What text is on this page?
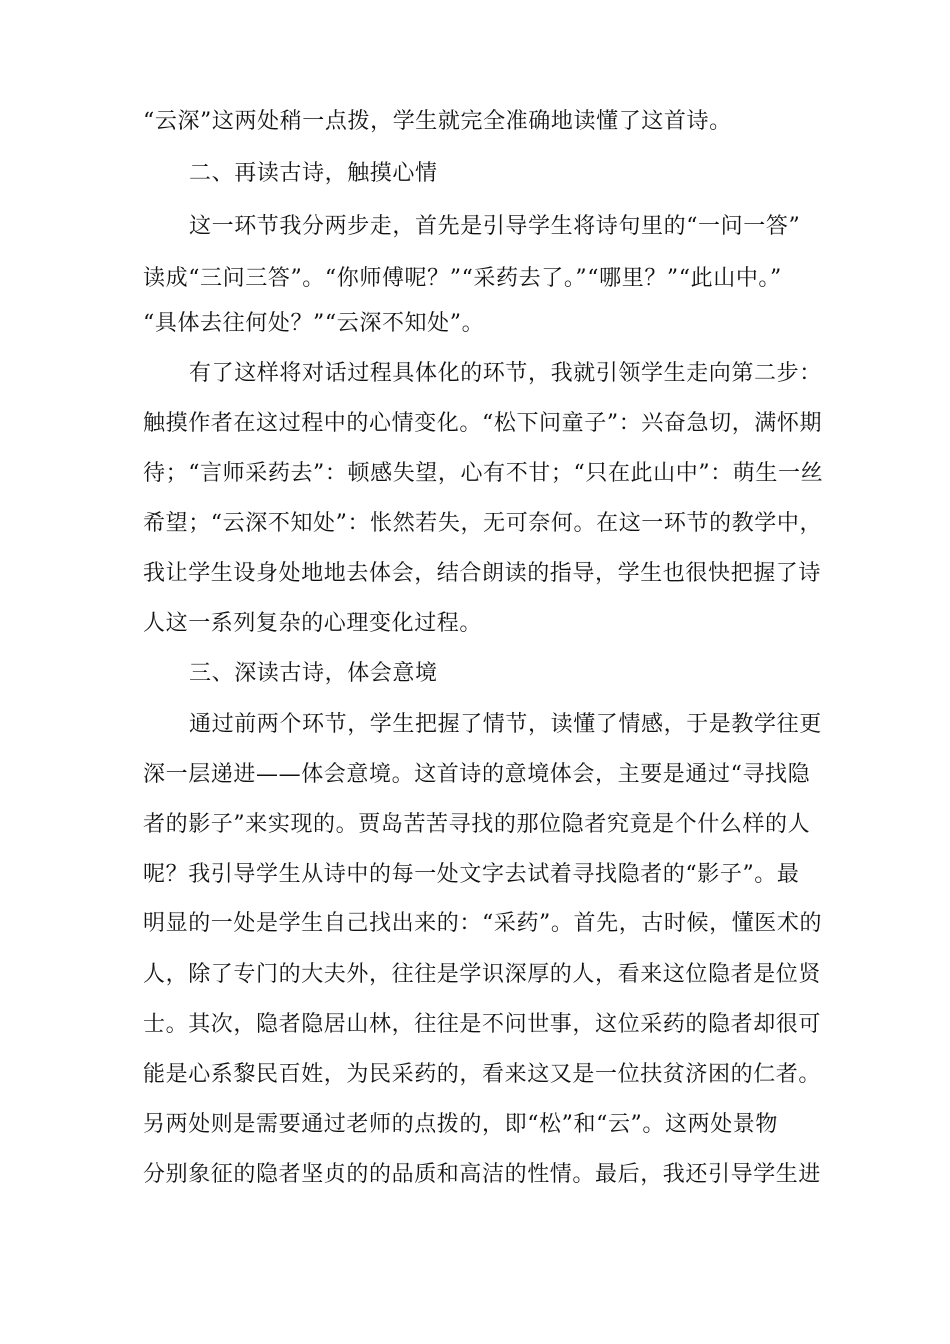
“云深”这两处稍一点拨，学生就完全准确地读懂了这首诗。
二、再读古诗，触摸心情
这一环节我分两步走，首先是引导学生将诗句里的“一问一答”
读成“三问三答”。“你师傅呢？”“采药去了。”“哪里？”“此山中。”
“具体去往何处？”“云深不知处”。
有了这样将对话过程具体化的环节，我就引领学生走向第二步：
触摸作者在这过程中的心情变化。“松下问童子”：兴奋急切，满怀期
待；“言师采药去”：顿感失望，心有不甘；“只在此山中”：萌生一丝
希望；“云深不知处”：怅然若失，无可奈何。在这一环节的教学中，
我让学生设身处地地去体会，结合朗读的指导，学生也很快把握了诗
人这一系列复杂的心理变化过程。
三、深读古诗，体会意境
通过前两个环节，学生把握了情节，读懂了情感，于是教学往更
深一层递进——体会意境。这首诗的意境体会，主要是通过“寻找隐
者的影子”来实现的。贾岛苦苦寻找的那位隐者究竟是个什么样的人
呢？我引导学生从诗中的每一处文字去试着寻找隐者的“影子”。最
明显的一处是学生自己找出来的：“采药”。首先，古时候，懂医术的
人，除了专门的大夫外，往往是学识深厚的人，看来这位隐者是位贤
士。其次，隐者隐居山林，往往是不问世事，这位采药的隐者却很可
能是心系黎民百姓，为民采药的，看来这又是一位扶贫济困的仁者。
另两处则是需要通过老师的点拨的，即“松”和“云”。这两处景物
分别象征的隐者坚贞的的品质和高洁的性情。最后，我还引导学生进
